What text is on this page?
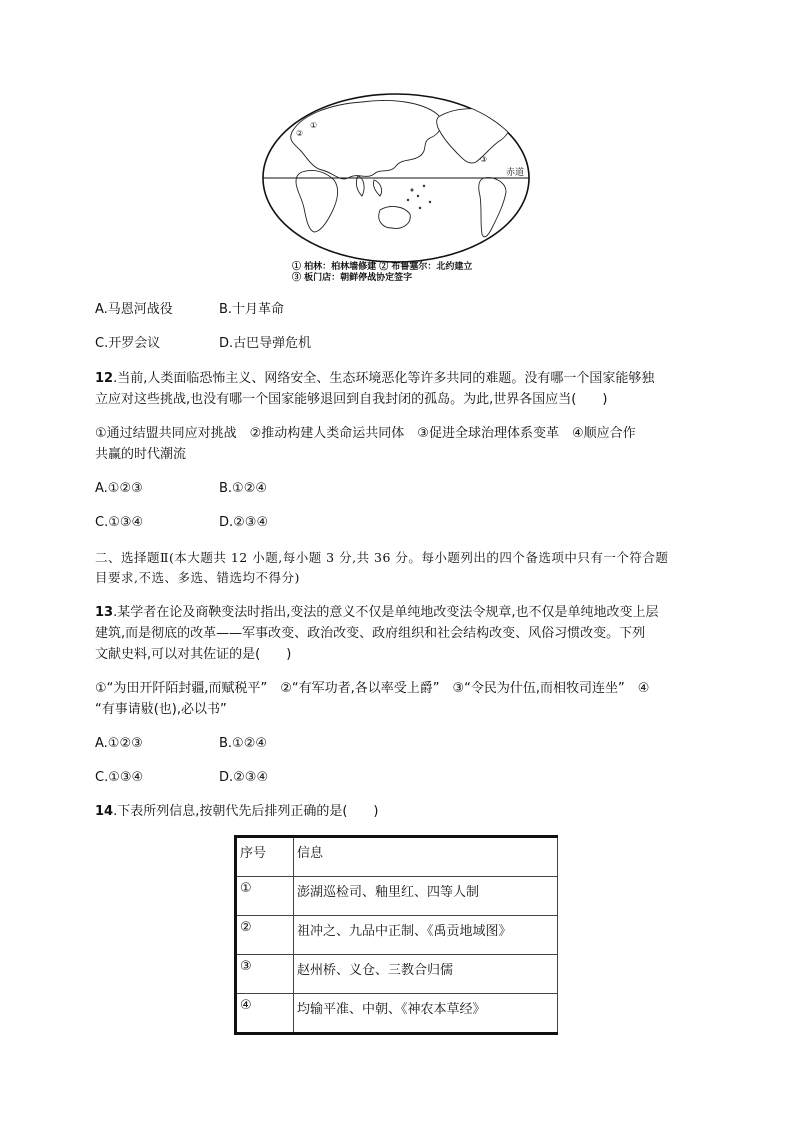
赤道
①
②
③
① 柏林：柏林墙修建 ② 布鲁塞尔：北约建立
③ 板门店：朝鲜停战协定签字
A.马恩河战役	B.十月革命
C.开罗会议	D.古巴导弹危机
12.当前,人类面临恐怖主义、网络安全、生态环境恶化等许多共同的难题。没有哪一个国家能够独
立应对这些挑战,也没有哪一个国家能够退回到自我封闭的孤岛。为此,世界各国应当(　　)
①通过结盟共同应对挑战　②推动构建人类命运共同体　③促进全球治理体系变革　④顺应合作
共赢的时代潮流
A.①②③	B.①②④
C.①③④	D.②③④
二、选择题Ⅱ(本大题共 12 小题,每小题 3 分,共 36 分。每小题列出的四个备选项中只有一个符合题
目要求,不选、多选、错选均不得分)
13.某学者在论及商鞅变法时指出,变法的意义不仅是单纯地改变法令规章,也不仅是单纯地改变上层
建筑,而是彻底的改革——军事改变、政治改变、政府组织和社会结构改变、风俗习惯改变。下列
文献史料,可以对其佐证的是(　　)
①“为田开阡陌封疆,而赋税平”　②“有军功者,各以率受上爵”　③“令民为什伍,而相牧司连坐”　④
“有事请敡(也),必以书”
A.①②③	B.①②④
C.①③④	D.②③④
14.下表所列信息,按朝代先后排列正确的是(　　)
序号	信息
①	澎湖巡检司、釉里红、四等人制
②	祖冲之、九品中正制、《禹贡地域图》
③	赵州桥、义仓、三教合归儒
④	均输平准、中朝、《神农本草经》
